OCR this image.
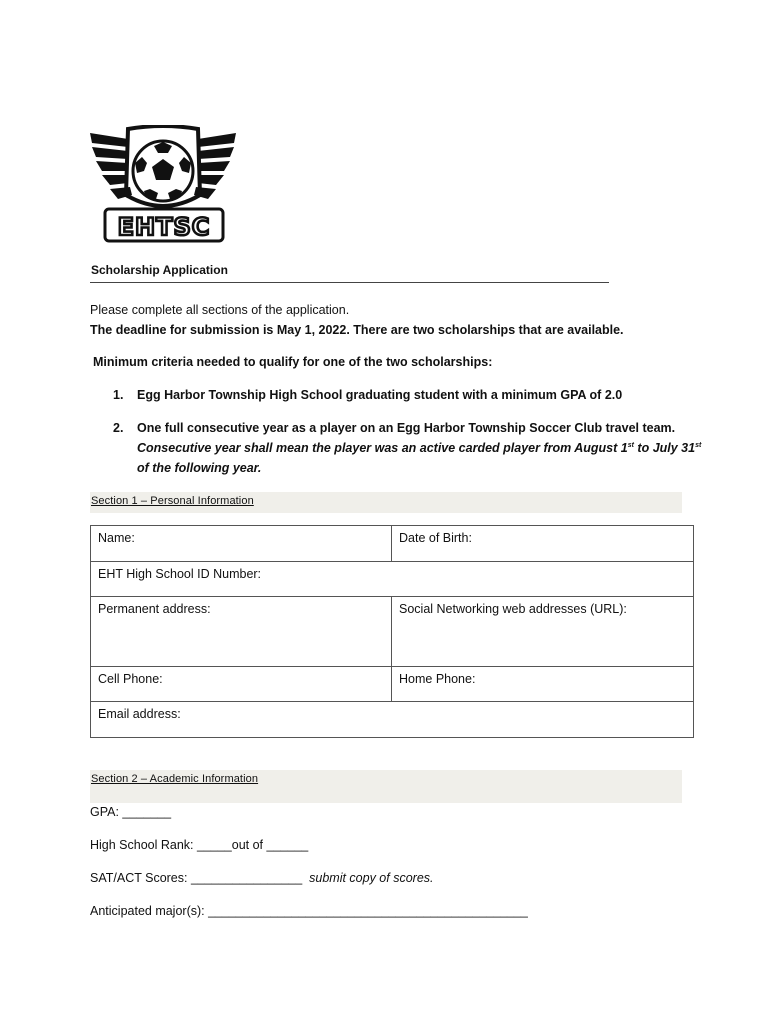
EHTSC
Scholarship Application
Please complete all sections of the application.
The deadline for submission is May 1, 2022. There are two scholarships that are available.
Minimum criteria needed to qualify for one of the two scholarships:
1. Egg Harbor Township High School graduating student with a minimum GPA of 2.0
2. One full consecutive year as a player on an Egg Harbor Township Soccer Club travel team.
Consecutive year shall mean the player was an active carded player from August 1st to July 31st
of the following year.
Section 1 – Personal Information
Name:	Date of Birth:
EHT High School ID Number:	
Permanent address:	Social Networking web addresses (URL):
Cell Phone:	Home Phone:
Email address:	
Section 2 – Academic Information
GPA: _______
High School Rank: _____out of ______
SAT/ACT Scores: ________________ submit copy of scores.
Anticipated major(s): ______________________________________________
